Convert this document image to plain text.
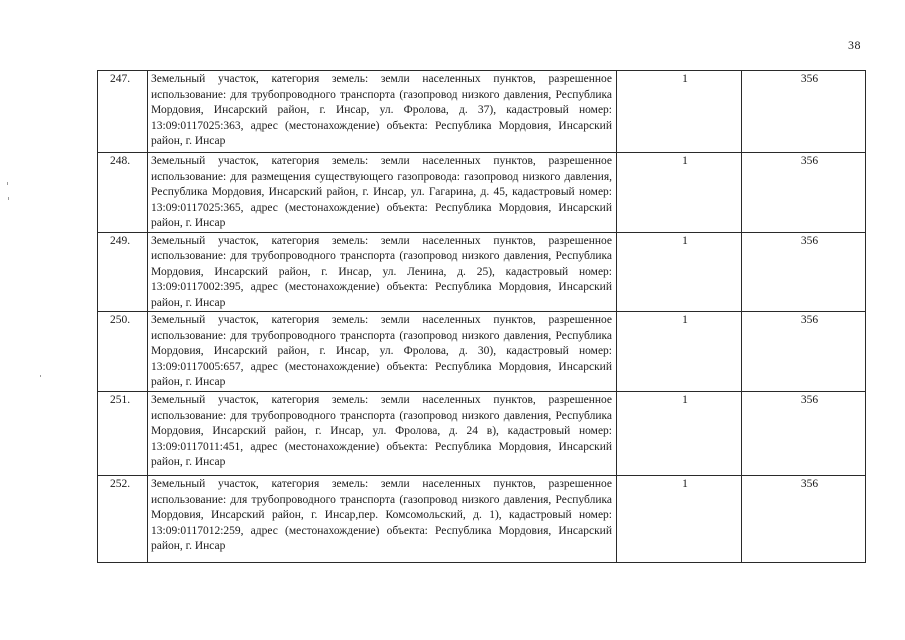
38
247.	Земельный участок, категория земель: земли населенных пунктов, разрешенное использование: для трубопроводного транспорта (газопровод низкого давления, Республика Мордовия, Инсарский район, г. Инсар, ул. Фролова, д. 37), кадастровый номер: 13:09:0117025:363, адрес (местонахождение) объекта: Республика Мордовия, Инсарский район, г. Инсар	1	356
248.	Земельный участок, категория земель: земли населенных пунктов, разрешенное использование: для размещения существующего газопровода: газопровод низкого давления, Республика Мордовия, Инсарский район, г. Инсар, ул. Гагарина, д. 45, кадастровый номер: 13:09:0117025:365, адрес (местонахождение) объекта: Республика Мордовия, Инсарский район, г. Инсар	1	356
249.	Земельный участок, категория земель: земли населенных пунктов, разрешенное использование: для трубопроводного транспорта (газопровод низкого давления, Республика Мордовия, Инсарский район, г. Инсар, ул. Ленина, д. 25), кадастровый номер: 13:09:0117002:395, адрес (местонахождение) объекта: Республика Мордовия, Инсарский район, г. Инсар	1	356
250.	Земельный участок, категория земель: земли населенных пунктов, разрешенное использование: для трубопроводного транспорта (газопровод низкого давления, Республика Мордовия, Инсарский район, г. Инсар, ул. Фролова, д. 30), кадастровый номер: 13:09:0117005:657, адрес (местонахождение) объекта: Республика Мордовия, Инсарский район, г. Инсар	1	356
251.	Земельный участок, категория земель: земли населенных пунктов, разрешенное использование: для трубопроводного транспорта (газопровод низкого давления, Республика Мордовия, Инсарский район, г. Инсар, ул. Фролова, д. 24 в), кадастровый номер: 13:09:0117011:451, адрес (местонахождение) объекта: Республика Мордовия, Инсарский район, г. Инсар	1	356
252.	Земельный участок, категория земель: земли населенных пунктов, разрешенное использование: для трубопроводного транспорта (газопровод низкого давления, Республика Мордовия, Инсарский район, г. Инсар,пер. Комсомольский, д. 1), кадастровый номер: 13:09:0117012:259, адрес (местонахождение) объекта: Республика Мордовия, Инсарский район, г. Инсар	1	356
